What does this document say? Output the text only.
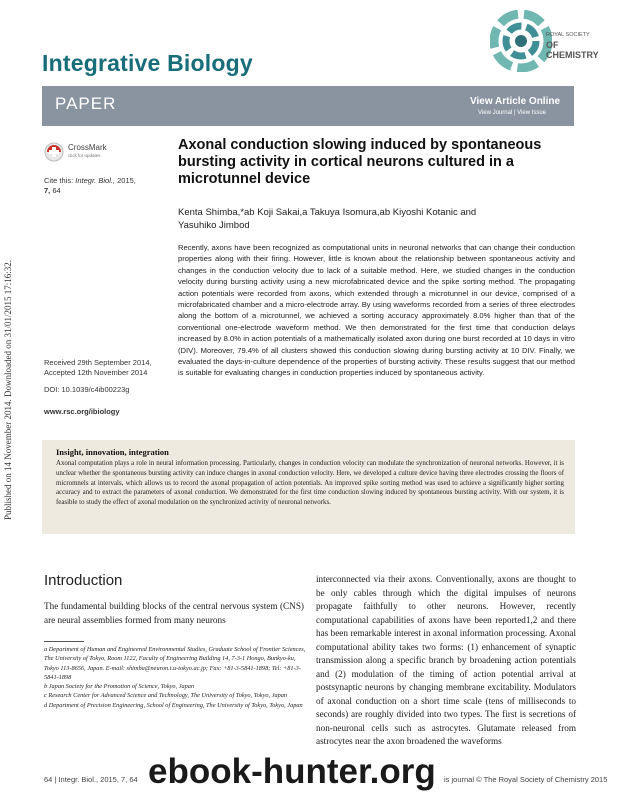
Published on 14 November 2014. Downloaded on 31/01/2015 17:16:32.
Integrative Biology
ROYAL SOCIETY
OF CHEMISTRY
PAPER	View Article Online
View Journal | View Issue
CrossMark
click for updates
Cite this: Integr. Biol., 2015,
7, 64
Received 29th September 2014,
Accepted 12th November 2014
DOI: 10.1039/c4ib00223g
www.rsc.org/ibiology
Axonal conduction slowing induced by spontaneous bursting activity in cortical neurons cultured in a microtunnel device
Kenta Shimba,*ab Koji Sakai,a Takuya Isomura,ab Kiyoshi Kotanic and
Yasuhiko Jimbod
Recently, axons have been recognized as computational units in neuronal networks that can change their conduction properties along with their firing. However, little is known about the relationship between spontaneous activity and changes in the conduction velocity due to lack of a suitable method. Here, we studied changes in the conduction velocity during bursting activity using a new microfabricated device and the spike sorting method. The propagating action potentials were recorded from axons, which extended through a microtunnel in our device, comprised of a microfabricated chamber and a micro-electrode array. By using waveforms recorded from a series of three electrodes along the bottom of a microtunnel, we achieved a sorting accuracy approximately 8.0% higher than that of the conventional one-electrode waveform method. We then demonstrated for the first time that conduction delays increased by 8.0% in action potentials of a mathematically isolated axon during one burst recorded at 10 days in vitro (DIV). Moreover, 79.4% of all clusters showed this conduction slowing during bursting activity at 10 DIV. Finally, we evaluated the days-in-culture dependence of the properties of bursting activity. These results suggest that our method is suitable for evaluating changes in conduction properties induced by spontaneous activity.
Insight, innovation, integration
Axonal computation plays a role in neural information processing. Particularly, changes in conduction velocity can modulate the synchronization of neuronal networks. However, it is unclear whether the spontaneous bursting activity can induce changes in axonal conduction velocity. Here, we developed a culture device having three electrodes crossing the floors of micromnels at intervals, which allows us to record the axonal propagation of action potentials. An improved spike sorting method was used to achieve a significantly higher sorting accuracy and to extract the parameters of axonal conduction. We demonstrated for the first time conduction slowing induced by spontaneous bursting activity. With our system, it is feasible to study the effect of axonal modulation on the synchronized activity of neuronal networks.
Introduction
The fundamental building blocks of the central nervous system (CNS) are neural assemblies formed from many neurons
a Department of Human and Engineered Environmental Studies, Graduate School of Frontier Sciences, The University of Tokyo, Room 1122, Faculty of Engineering Building 14, 7-3-1 Hongo, Bunkyo-ku, Tokyo 113-8656, Japan. E-mail: shimba@neuron.t.u-tokyo.ac.jp; Fax: +81-3-5841-1898; Tel: +81-3-5841-1898
b Japan Society for the Promotion of Science, Tokyo, Japan
c Research Center for Advanced Science and Technology, The University of Tokyo, Tokyo, Japan
d Department of Precision Engineering, School of Engineering, The University of Tokyo, Tokyo, Japan
interconnected via their axons. Conventionally, axons are thought to be only cables through which the digital impulses of neurons propagate faithfully to other neurons. However, recently computational capabilities of axons have been reported1,2 and there has been remarkable interest in axonal information processing. Axonal computational ability takes two forms: (1) enhancement of synaptic transmission along a specific branch by broadening action potentials and (2) modulation of the timing of action potential arrival at postsynaptic neurons by changing membrane excitability. Modulators of axonal conduction on a short time scale (tens of milliseconds to seconds) are roughly divided into two types. The first is secretions of non-neuronal cells such as astrocytes. Glutamate released from astrocytes near the axon broadened the waveforms
64 | Integr. Biol., 2015, 7, 64	is journal © The Royal Society of Chemistry 2015
ebook-hunter.org
